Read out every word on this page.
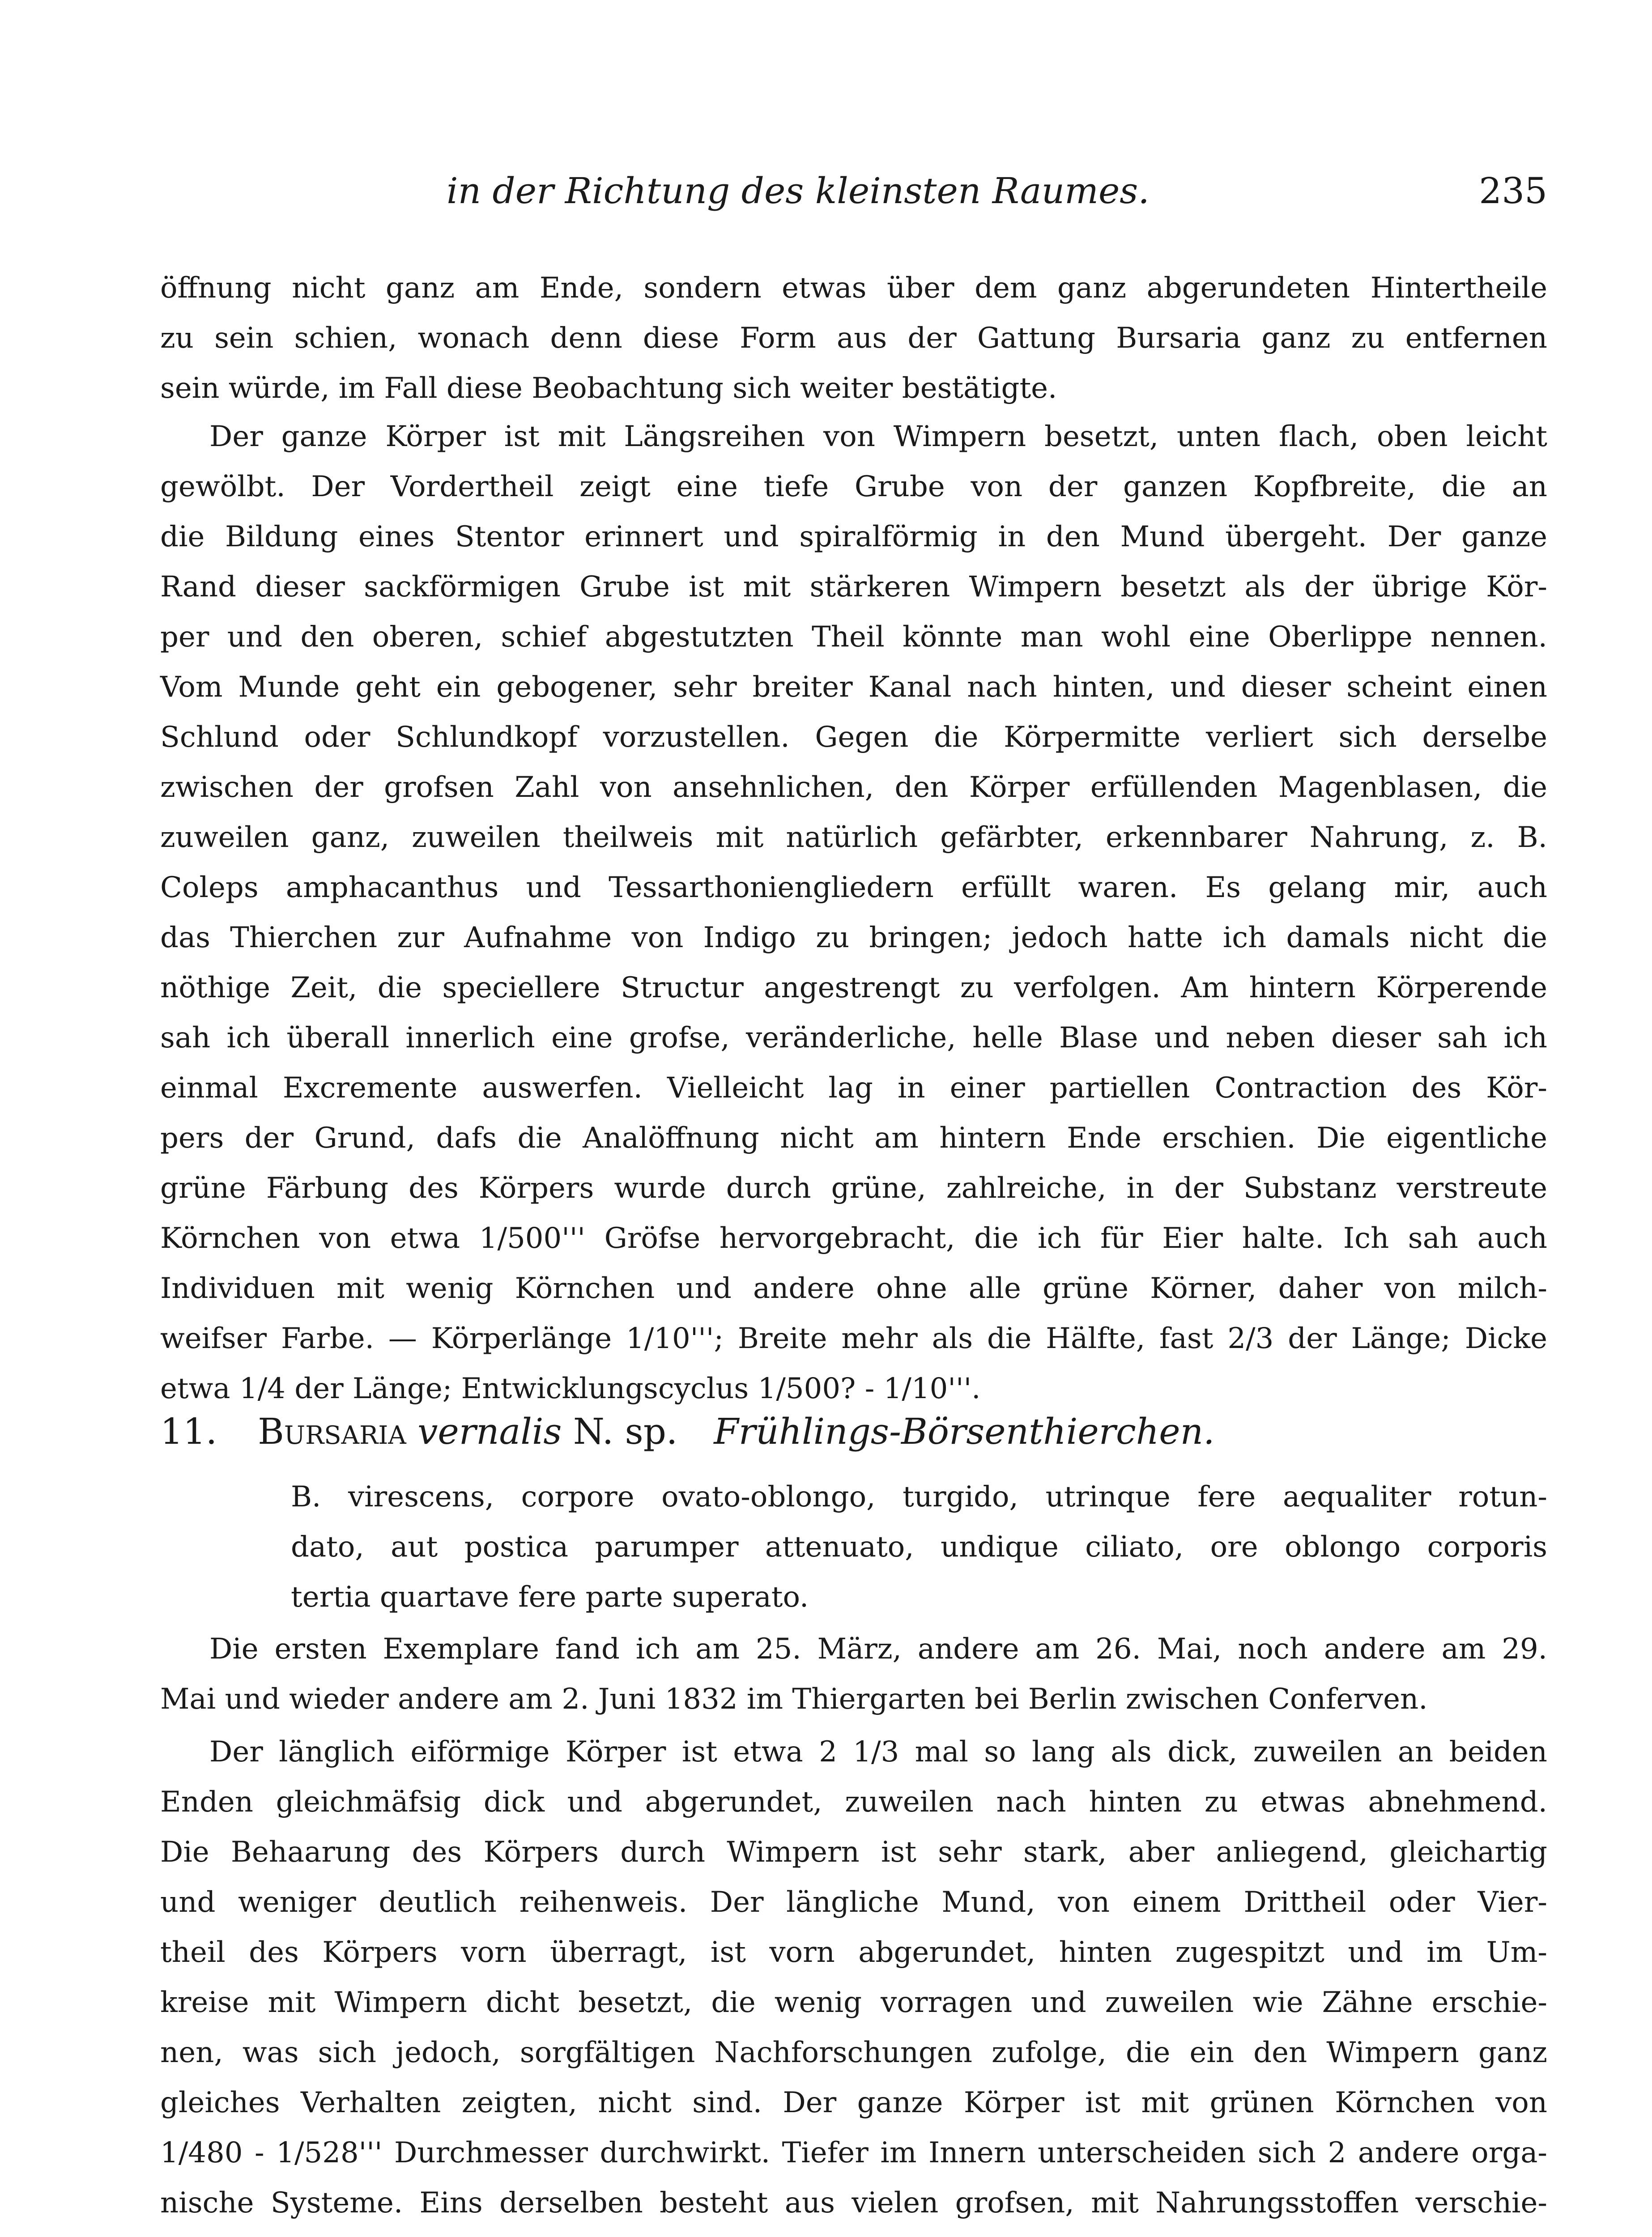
in der Richtung des kleinsten Raumes.	235
öffnung nicht ganz am Ende, sondern etwas über dem ganz abgerundeten Hintertheile
zu sein schien, wonach denn diese Form aus der Gattung Bursaria ganz zu entfernen
sein würde, im Fall diese Beobachtung sich weiter bestätigte.
Der ganze Körper ist mit Längsreihen von Wimpern besetzt, unten flach, oben leicht
gewölbt. Der Vordertheil zeigt eine tiefe Grube von der ganzen Kopfbreite, die an
die Bildung eines Stentor erinnert und spiralförmig in den Mund übergeht. Der ganze
Rand dieser sackförmigen Grube ist mit stärkeren Wimpern besetzt als der übrige Kör-
per und den oberen, schief abgestutzten Theil könnte man wohl eine Oberlippe nennen.
Vom Munde geht ein gebogener, sehr breiter Kanal nach hinten, und dieser scheint einen
Schlund oder Schlundkopf vorzustellen. Gegen die Körpermitte verliert sich derselbe
zwischen der grofsen Zahl von ansehnlichen, den Körper erfüllenden Magenblasen, die
zuweilen ganz, zuweilen theilweis mit natürlich gefärbter, erkennbarer Nahrung, z. B.
Coleps amphacanthus und Tessarthoniengliedern erfüllt waren. Es gelang mir, auch
das Thierchen zur Aufnahme von Indigo zu bringen; jedoch hatte ich damals nicht die
nöthige Zeit, die speciellere Structur angestrengt zu verfolgen. Am hintern Körperende
sah ich überall innerlich eine grofse, veränderliche, helle Blase und neben dieser sah ich
einmal Excremente auswerfen. Vielleicht lag in einer partiellen Contraction des Kör-
pers der Grund, dafs die Analöffnung nicht am hintern Ende erschien. Die eigentliche
grüne Färbung des Körpers wurde durch grüne, zahlreiche, in der Substanz verstreute
Körnchen von etwa 1/500''' Gröfse hervorgebracht, die ich für Eier halte. Ich sah auch
Individuen mit wenig Körnchen und andere ohne alle grüne Körner, daher von milch-
weifser Farbe. — Körperlänge 1/10'''; Breite mehr als die Hälfte, fast 2/3 der Länge; Dicke
etwa 1/4 der Länge; Entwicklungscyclus 1/500? - 1/10'''.
11. Bursaria vernalis N. sp. Frühlings-Börsenthierchen.
B. virescens, corpore ovato-oblongo, turgido, utrinque fere aequaliter rotun-
dato, aut postica parumper attenuato, undique ciliato, ore oblongo corporis
tertia quartave fere parte superato.
Die ersten Exemplare fand ich am 25. März, andere am 26. Mai, noch andere am 29.
Mai und wieder andere am 2. Juni 1832 im Thiergarten bei Berlin zwischen Conferven.
Der länglich eiförmige Körper ist etwa 2 1/3 mal so lang als dick, zuweilen an beiden
Enden gleichmäfsig dick und abgerundet, zuweilen nach hinten zu etwas abnehmend.
Die Behaarung des Körpers durch Wimpern ist sehr stark, aber anliegend, gleichartig
und weniger deutlich reihenweis. Der längliche Mund, von einem Drittheil oder Vier-
theil des Körpers vorn überragt, ist vorn abgerundet, hinten zugespitzt und im Um-
kreise mit Wimpern dicht besetzt, die wenig vorragen und zuweilen wie Zähne erschie-
nen, was sich jedoch, sorgfältigen Nachforschungen zufolge, die ein den Wimpern ganz
gleiches Verhalten zeigten, nicht sind. Der ganze Körper ist mit grünen Körnchen von
1/480 - 1/528''' Durchmesser durchwirkt. Tiefer im Innern unterscheiden sich 2 andere orga-
nische Systeme. Eins derselben besteht aus vielen grofsen, mit Nahrungsstoffen verschie-
